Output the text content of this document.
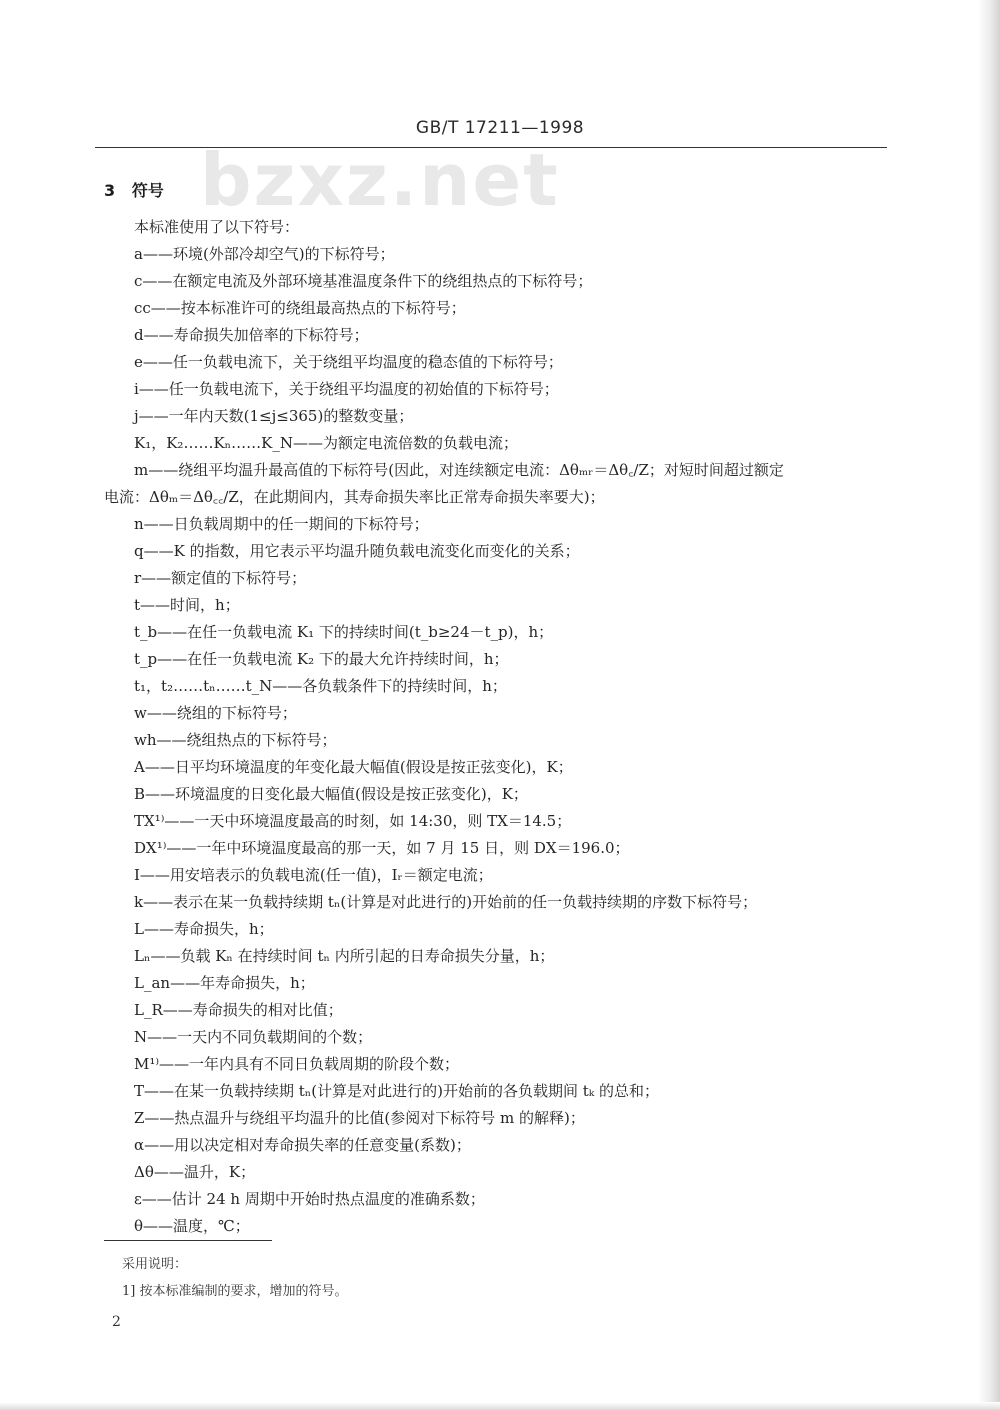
bzxz.net
GB/T 17211—1998
3 符号
本标准使用了以下符号：
a——环境(外部冷却空气)的下标符号；
c——在额定电流及外部环境基准温度条件下的绕组热点的下标符号；
cc——按本标准许可的绕组最高热点的下标符号；
d——寿命损失加倍率的下标符号；
e——任一负载电流下，关于绕组平均温度的稳态值的下标符号；
i——任一负载电流下，关于绕组平均温度的初始值的下标符号；
j——一年内天数(1≤j≤365)的整数变量；
K₁，K₂……Kₙ……K_N——为额定电流倍数的负载电流；
m——绕组平均温升最高值的下标符号(因此，对连续额定电流：Δθₘᵣ＝Δθ꜀/Z；对短时间超过额定
电流：Δθₘ＝Δθ꜀꜀/Z，在此期间内，其寿命损失率比正常寿命损失率要大)；
n——日负载周期中的任一期间的下标符号；
q——K 的指数，用它表示平均温升随负载电流变化而变化的关系；
r——额定值的下标符号；
t——时间，h；
t_b——在任一负载电流 K₁ 下的持续时间(t_b≥24－t_p)，h；
t_p——在任一负载电流 K₂ 下的最大允许持续时间，h；
t₁，t₂……tₙ……t_N——各负载条件下的持续时间，h；
w——绕组的下标符号；
wh——绕组热点的下标符号；
A——日平均环境温度的年变化最大幅值(假设是按正弦变化)，K；
B——环境温度的日变化最大幅值(假设是按正弦变化)，K；
TX¹⁾——一天中环境温度最高的时刻，如 14:30，则 TX＝14.5；
DX¹⁾——一年中环境温度最高的那一天，如 7 月 15 日，则 DX＝196.0；
I——用安培表示的负载电流(任一值)，Iᵣ＝额定电流；
k——表示在某一负载持续期 tₙ(计算是对此进行的)开始前的任一负载持续期的序数下标符号；
L——寿命损失，h；
Lₙ——负载 Kₙ 在持续时间 tₙ 内所引起的日寿命损失分量，h；
L_an——年寿命损失，h；
L_R——寿命损失的相对比值；
N——一天内不同负载期间的个数；
M¹⁾——一年内具有不同日负载周期的阶段个数；
T——在某一负载持续期 tₙ(计算是对此进行的)开始前的各负载期间 tₖ 的总和；
Z——热点温升与绕组平均温升的比值(参阅对下标符号 m 的解释)；
α——用以决定相对寿命损失率的任意变量(系数)；
Δθ——温升，K；
ε——估计 24 h 周期中开始时热点温度的准确系数；
θ——温度，℃；
采用说明：
1] 按本标准编制的要求，增加的符号。
2
